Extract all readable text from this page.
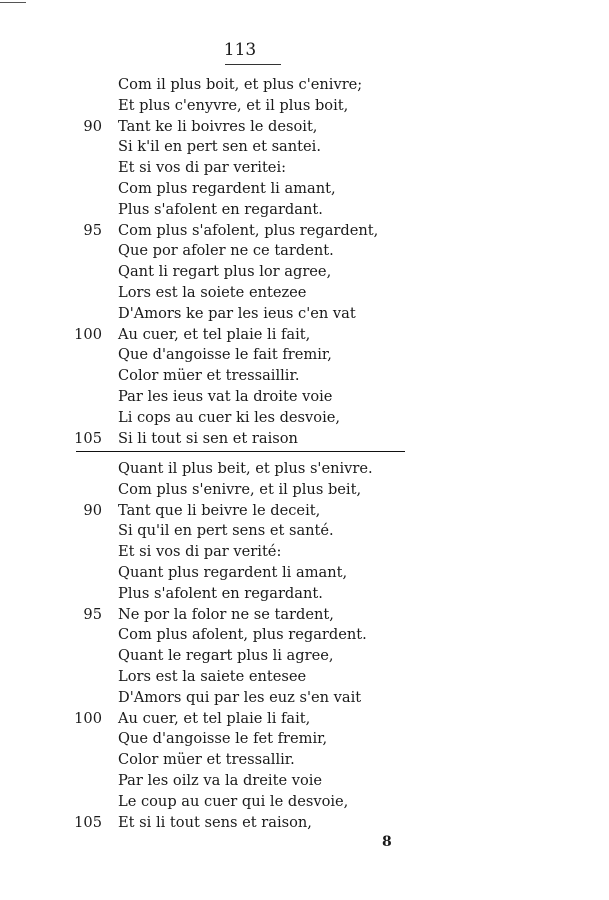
113
Com il plus boit, et plus c'enivre;
Et plus c'enyvre, et il plus boit,
90 Tant ke li boivres le desoit,
Si k'il en pert sen et santei.
Et si vos di par veritei:
Com plus regardent li amant,
Plus s'afolent en regardant.
95 Com plus s'afolent, plus regardent,
Que por afoler ne ce tardent.
Qant li regart plus lor agree,
Lors est la soiete entezee
D'Amors ke par les ieus c'en vat
100 Au cuer, et tel plaie li fait,
Que d'angoisse le fait fremir,
Color müer et tressaillir.
Par les ieus vat la droite voie
Li cops au cuer ki les desvoie,
105 Si li tout si sen et raison
Quant il plus beit, et plus s'enivre.
Com plus s'enivre, et il plus beit,
90 Tant que li beivre le deceit,
Si qu'il en pert sens et santé.
Et si vos di par verité:
Quant plus regardent li amant,
Plus s'afolent en regardant.
95 Ne por la folor ne se tardent,
Com plus afolent, plus regardent.
Quant le regart plus li agree,
Lors est la saiete entesee
D'Amors qui par les euz s'en vait
100 Au cuer, et tel plaie li fait,
Que d'angoisse le fet fremir,
Color müer et tressallir.
Par les oilz va la dreite voie
Le coup au cuer qui le desvoie,
105 Et si li tout sens et raison,
8
